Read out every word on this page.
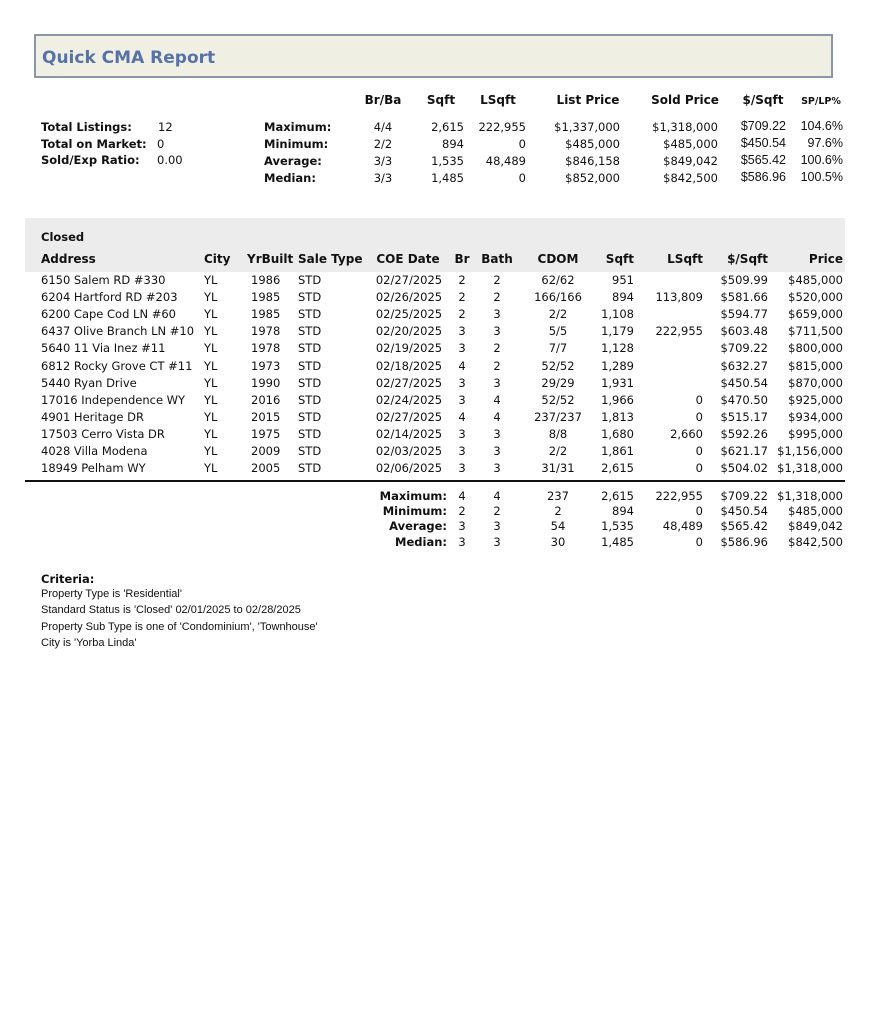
Quick CMA Report
Br/Ba	Sqft	LSqft	List Price	Sold Price	$/Sqft	SP/LP%
Total Listings: 12
Total on Market: 0
Sold/Exp Ratio: 0.00
Maximum:	4/4	2,615 222,955 $1,337,000	$1,318,000 $709.22 104.6%
Minimum:	2/2	894	0	$485,000	$485,000 $450.54 97.6%
Average:	3/3	1,535 48,489	$846,158	$849,042 $565.42 100.6%
Median:	3/3	1,485	0	$852,000	$842,500 $586.96 100.5%
Closed
Address	City YrBuilt Sale Type	COE Date	Br Bath	CDOM	Sqft	LSqft $/Sqft	Price
6150 Salem RD #330	YL	1986 STD	02/27/2025	2	2	62/62	951	$509.99 $485,000
6204 Hartford RD #203 YL	1985 STD	02/26/2025	2	2	166/166	894 113,809 $581.66 $520,000
6200 Cape Cod LN #60 YL	1985 STD	02/25/2025	2	3	2/2	1,108	$594.77 $659,000
6437 Olive Branch LN #10 YL	1978 STD	02/20/2025	3	3	5/5	1,179 222,955 $603.48 $711,500
5640 11 Via Inez #11	YL	1978 STD	02/19/2025	3	2	7/7	1,128	$709.22 $800,000
6812 Rocky Grove CT #11 YL	1973 STD	02/18/2025	4	2	52/52	1,289	$632.27 $815,000
5440 Ryan Drive	YL	1990 STD	02/27/2025	3	3	29/29	1,931	$450.54 $870,000
17016 Independence WY YL	2016 STD	02/24/2025	3	4	52/52	1,966	0 $470.50 $925,000
4901 Heritage DR	YL	2015 STD	02/27/2025	4	4	237/237	1,813	0 $515.17 $934,000
17503 Cerro Vista DR	YL	1975 STD	02/14/2025	3	3	8/8	1,680	2,660 $592.26 $995,000
4028 Villa Modena	YL	2009 STD	02/03/2025	3	3	2/2	1,861	0 $621.17 $1,156,000
18949 Pelham WY	YL	2005 STD	02/06/2025	3	3	31/31	2,615	0 $504.02 $1,318,000
Maximum: 4	4	237	2,615 222,955 $709.22 $1,318,000
Minimum: 2	2	2	894	0 $450.54 $485,000
Average: 3	3	54	1,535	48,489 $565.42 $849,042
Median: 3	3	30	1,485	0 $586.96 $842,500
Criteria:
Property Type is 'Residential'
Standard Status is 'Closed' 02/01/2025 to 02/28/2025
Property Sub Type is one of 'Condominium', 'Townhouse'
City is 'Yorba Linda'
